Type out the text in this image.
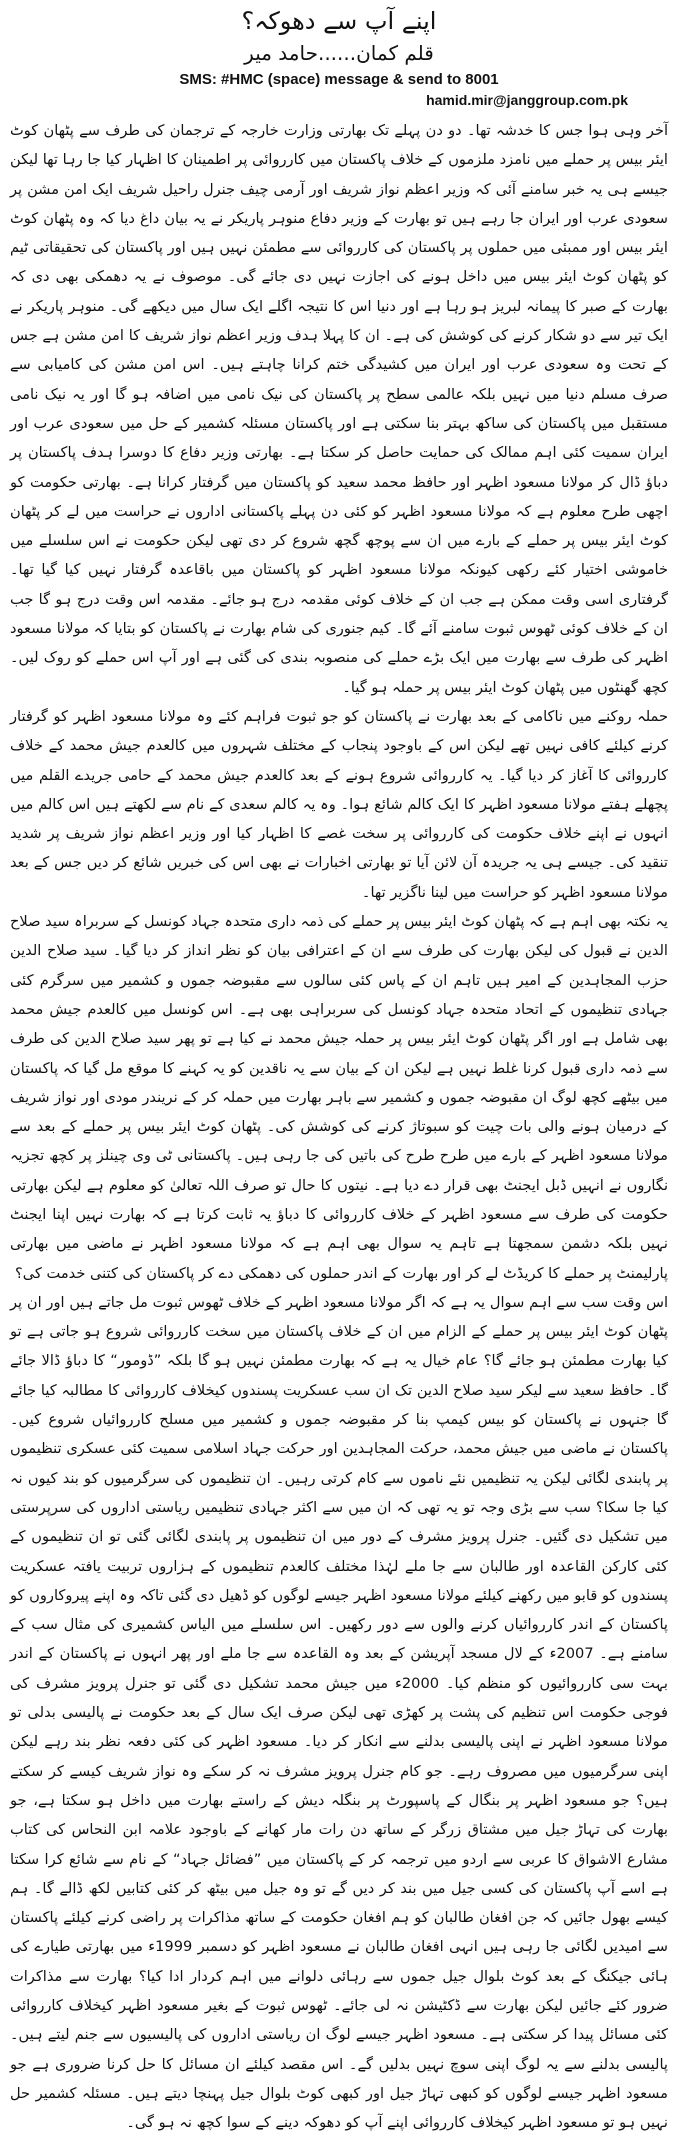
اپنے آپ سے دھوکہ؟

قلم کمان......حامد میر

SMS: #HMC (space) message & send to 8001

hamid.mir@janggroup.com.pk

آخر وہی ہوا جس کا خدشہ تھا۔ دو دن پہلے تک بھارتی وزارت خارجہ کے ترجمان کی طرف سے پٹھان کوٹ ایئر بیس پر حملے میں نامزد ملزموں کے خلاف پاکستان میں کارروائی پر اطمینان کا اظہار کیا جا رہا تھا لیکن جیسے ہی یہ خبر سامنے آئی کہ وزیر اعظم نواز شریف اور آرمی چیف جنرل راحیل شریف ایک امن مشن پر سعودی عرب اور ایران جا رہے ہیں تو بھارت کے وزیر دفاع منوہر پاریکر نے یہ بیان داغ دیا کہ وہ پٹھان کوٹ ایئر بیس اور ممبئی میں حملوں پر پاکستان کی کارروائی سے مطمئن نہیں ہیں اور پاکستان کی تحقیقاتی ٹیم کو پٹھان کوٹ ایئر بیس میں داخل ہونے کی اجازت نہیں دی جائے گی۔ موصوف نے یہ دھمکی بھی دی کہ بھارت کے صبر کا پیمانہ لبریز ہو رہا ہے اور دنیا اس کا نتیجہ اگلے ایک سال میں دیکھے گی۔ منوہر پاریکر نے ایک تیر سے دو شکار کرنے کی کوشش کی ہے۔ ان کا پہلا ہدف وزیر اعظم نواز شریف کا امن مشن ہے جس کے تحت وہ سعودی عرب اور ایران میں کشیدگی ختم کرانا چاہتے ہیں۔ اس امن مشن کی کامیابی سے صرف مسلم دنیا میں نہیں بلکہ عالمی سطح پر پاکستان کی نیک نامی میں اضافہ ہو گا اور یہ نیک نامی مستقبل میں پاکستان کی ساکھ بہتر بنا سکتی ہے اور پاکستان مسئلہ کشمیر کے حل میں سعودی عرب اور ایران سمیت کئی اہم ممالک کی حمایت حاصل کر سکتا ہے۔ بھارتی وزیر دفاع کا دوسرا ہدف پاکستان پر دباؤ ڈال کر مولانا مسعود اظہر اور حافظ محمد سعید کو پاکستان میں گرفتار کرانا ہے۔ بھارتی حکومت کو اچھی طرح معلوم ہے کہ مولانا مسعود اظہر کو کئی دن پہلے پاکستانی اداروں نے حراست میں لے کر پٹھان کوٹ ایئر بیس پر حملے کے بارے میں ان سے پوچھ گچھ شروع کر دی تھی لیکن حکومت نے اس سلسلے میں خاموشی اختیار کئے رکھی کیونکہ مولانا مسعود اظہر کو پاکستان میں باقاعدہ گرفتار نہیں کیا گیا تھا۔ گرفتاری اسی وقت ممکن ہے جب ان کے خلاف کوئی مقدمہ درج ہو جائے۔ مقدمہ اس وقت درج ہو گا جب ان کے خلاف کوئی ٹھوس ثبوت سامنے آئے گا۔ کیم جنوری کی شام بھارت نے پاکستان کو بتایا کہ مولانا مسعود اظہر کی طرف سے بھارت میں ایک بڑے حملے کی منصوبہ بندی کی گئی ہے اور آپ اس حملے کو روک لیں۔ کچھ گھنٹوں میں پٹھان کوٹ ایئر بیس پر حملہ ہو گیا۔

حملہ روکنے میں ناکامی کے بعد بھارت نے پاکستان کو جو ثبوت فراہم کئے وہ مولانا مسعود اظہر کو گرفتار کرنے کیلئے کافی نہیں تھے لیکن اس کے باوجود پنجاب کے مختلف شہروں میں کالعدم جیش محمد کے خلاف کارروائی کا آغاز کر دیا گیا۔ یہ کارروائی شروع ہونے کے بعد کالعدم جیش محمد کے حامی جریدے القلم میں پچھلے ہفتے مولانا مسعود اظہر کا ایک کالم شائع ہوا۔ وہ یہ کالم سعدی کے نام سے لکھتے ہیں اس کالم میں انہوں نے اپنے خلاف حکومت کی کارروائی پر سخت غصے کا اظہار کیا اور وزیر اعظم نواز شریف پر شدید تنقید کی۔ جیسے ہی یہ جریدہ آن لائن آیا تو بھارتی اخبارات نے بھی اس کی خبریں شائع کر دیں جس کے بعد مولانا مسعود اظہر کو حراست میں لینا ناگزیر تھا۔

یہ نکتہ بھی اہم ہے کہ پٹھان کوٹ ایئر بیس پر حملے کی ذمہ داری متحدہ جہاد کونسل کے سربراہ سید صلاح الدین نے قبول کی لیکن بھارت کی طرف سے ان کے اعترافی بیان کو نظر انداز کر دیا گیا۔ سید صلاح الدین حزب المجاہدین کے امیر ہیں تاہم ان کے پاس کئی سالوں سے مقبوضہ جموں و کشمیر میں سرگرم کئی جہادی تنظیموں کے اتحاد متحدہ جہاد کونسل کی سربراہی بھی ہے۔ اس کونسل میں کالعدم جیش محمد بھی شامل ہے اور اگر پٹھان کوٹ ایئر بیس پر حملہ جیش محمد نے کیا ہے تو پھر سید صلاح الدین کی طرف سے ذمہ داری قبول کرنا غلط نہیں ہے لیکن ان کے بیان سے یہ ناقدین کو یہ کہنے کا موقع مل گیا کہ پاکستان میں بیٹھے کچھ لوگ ان مقبوضہ جموں و کشمیر سے باہر بھارت میں حملہ کر کے نریندر مودی اور نواز شریف کے درمیان ہونے والی بات چیت کو سبوتاژ کرنے کی کوشش کی۔ پٹھان کوٹ ایئر بیس پر حملے کے بعد سے مولانا مسعود اظہر کے بارے میں طرح طرح کی باتیں کی جا رہی ہیں۔ پاکستانی ٹی وی چینلز پر کچھ تجزیہ نگاروں نے انہیں ڈبل ایجنٹ بھی قرار دے دیا ہے۔ نیتوں کا حال تو صرف اللہ تعالیٰ کو معلوم ہے لیکن بھارتی حکومت کی طرف سے مسعود اظہر کے خلاف کارروائی کا دباؤ یہ ثابت کرتا ہے کہ بھارت نہیں اپنا ایجنٹ نہیں بلکہ دشمن سمجھتا ہے تاہم یہ سوال بھی اہم ہے کہ مولانا مسعود اظہر نے ماضی میں بھارتی پارلیمنٹ پر حملے کا کریڈٹ لے کر اور بھارت کے اندر حملوں کی دھمکی دے کر پاکستان کی کتنی خدمت کی؟

اس وقت سب سے اہم سوال یہ ہے کہ اگر مولانا مسعود اظہر کے خلاف ٹھوس ثبوت مل جاتے ہیں اور ان پر پٹھان کوٹ ایئر بیس پر حملے کے الزام میں ان کے خلاف پاکستان میں سخت کارروائی شروع ہو جاتی ہے تو کیا بھارت مطمئن ہو جائے گا؟ عام خیال یہ ہے کہ بھارت مطمئن نہیں ہو گا بلکہ ”ڈومور“ کا دباؤ ڈالا جائے گا۔ حافظ سعید سے لیکر سید صلاح الدین تک ان سب عسکریت پسندوں کیخلاف کارروائی کا مطالبہ کیا جائے گا جنہوں نے پاکستان کو بیس کیمپ بنا کر مقبوضہ جموں و کشمیر میں مسلح کارروائیاں شروع کیں۔ پاکستان نے ماضی میں جیش محمد، حرکت المجاہدین اور حرکت جہاد اسلامی سمیت کئی عسکری تنظیموں پر پابندی لگائی لیکن یہ تنظیمیں نئے ناموں سے کام کرتی رہیں۔ ان تنظیموں کی سرگرمیوں کو بند کیوں نہ کیا جا سکا؟ سب سے بڑی وجہ تو یہ تھی کہ ان میں سے اکثر جہادی تنظیمیں ریاستی اداروں کی سرپرستی میں تشکیل دی گئیں۔ جنرل پرویز مشرف کے دور میں ان تنظیموں پر پابندی لگائی گئی تو ان تنظیموں کے کئی کارکن القاعدہ اور طالبان سے جا ملے لہٰذا مختلف کالعدم تنظیموں کے ہزاروں تربیت یافتہ عسکریت پسندوں کو قابو میں رکھنے کیلئے مولانا مسعود اظہر جیسے لوگوں کو ڈھیل دی گئی تاکہ وہ اپنے پیروکاروں کو پاکستان کے اندر کارروائیاں کرنے والوں سے دور رکھیں۔ اس سلسلے میں الیاس کشمیری کی مثال سب کے سامنے ہے۔ 2007ء کے لال مسجد آپریشن کے بعد وہ القاعدہ سے جا ملے اور پھر انہوں نے پاکستان کے اندر بہت سی کارروائیوں کو منظم کیا۔ 2000ء میں جیش محمد تشکیل دی گئی تو جنرل پرویز مشرف کی فوجی حکومت اس تنظیم کی پشت پر کھڑی تھی لیکن صرف ایک سال کے بعد حکومت نے پالیسی بدلی تو مولانا مسعود اظہر نے اپنی پالیسی بدلنے سے انکار کر دیا۔ مسعود اظہر کی کئی دفعہ نظر بند رہے لیکن اپنی سرگرمیوں میں مصروف رہے۔ جو کام جنرل پرویز مشرف نہ کر سکے وہ نواز شریف کیسے کر سکتے ہیں؟ جو مسعود اظہر پر بنگال کے پاسپورٹ پر بنگلہ دیش کے راستے بھارت میں داخل ہو سکتا ہے، جو بھارت کی تہاڑ جیل میں مشتاق زرگر کے ساتھ دن رات مار کھانے کے باوجود علامہ ابن النحاس کی کتاب مشارع الاشواق کا عربی سے اردو میں ترجمہ کر کے پاکستان میں ”فضائل جہاد“ کے نام سے شائع کرا سکتا ہے اسے آپ پاکستان کی کسی جیل میں بند کر دیں گے تو وہ جیل میں بیٹھ کر کئی کتابیں لکھ ڈالے گا۔ ہم کیسے بھول جائیں کہ جن افغان طالبان کو ہم افغان حکومت کے ساتھ مذاکرات پر راضی کرنے کیلئے پاکستان سے امیدیں لگائی جا رہی ہیں انہی افغان طالبان نے مسعود اظہر کو دسمبر 1999ء میں بھارتی طیارے کی ہائی جیکنگ کے بعد کوٹ بلوال جیل جموں سے رہائی دلوانے میں اہم کردار ادا کیا؟ بھارت سے مذاکرات ضرور کئے جائیں لیکن بھارت سے ڈکٹیشن نہ لی جائے۔ ٹھوس ثبوت کے بغیر مسعود اظہر کیخلاف کارروائی کئی مسائل پیدا کر سکتی ہے۔ مسعود اظہر جیسے لوگ ان ریاستی اداروں کی پالیسیوں سے جنم لیتے ہیں۔ پالیسی بدلنے سے یہ لوگ اپنی سوچ نہیں بدلیں گے۔ اس مقصد کیلئے ان مسائل کا حل کرنا ضروری ہے جو مسعود اظہر جیسے لوگوں کو کبھی تہاڑ جیل اور کبھی کوٹ بلوال جیل پہنچا دیتے ہیں۔ مسئلہ کشمیر حل نہیں ہو تو مسعود اظہر کیخلاف کارروائی اپنے آپ کو دھوکہ دینے کے سوا کچھ نہ ہو گی۔
